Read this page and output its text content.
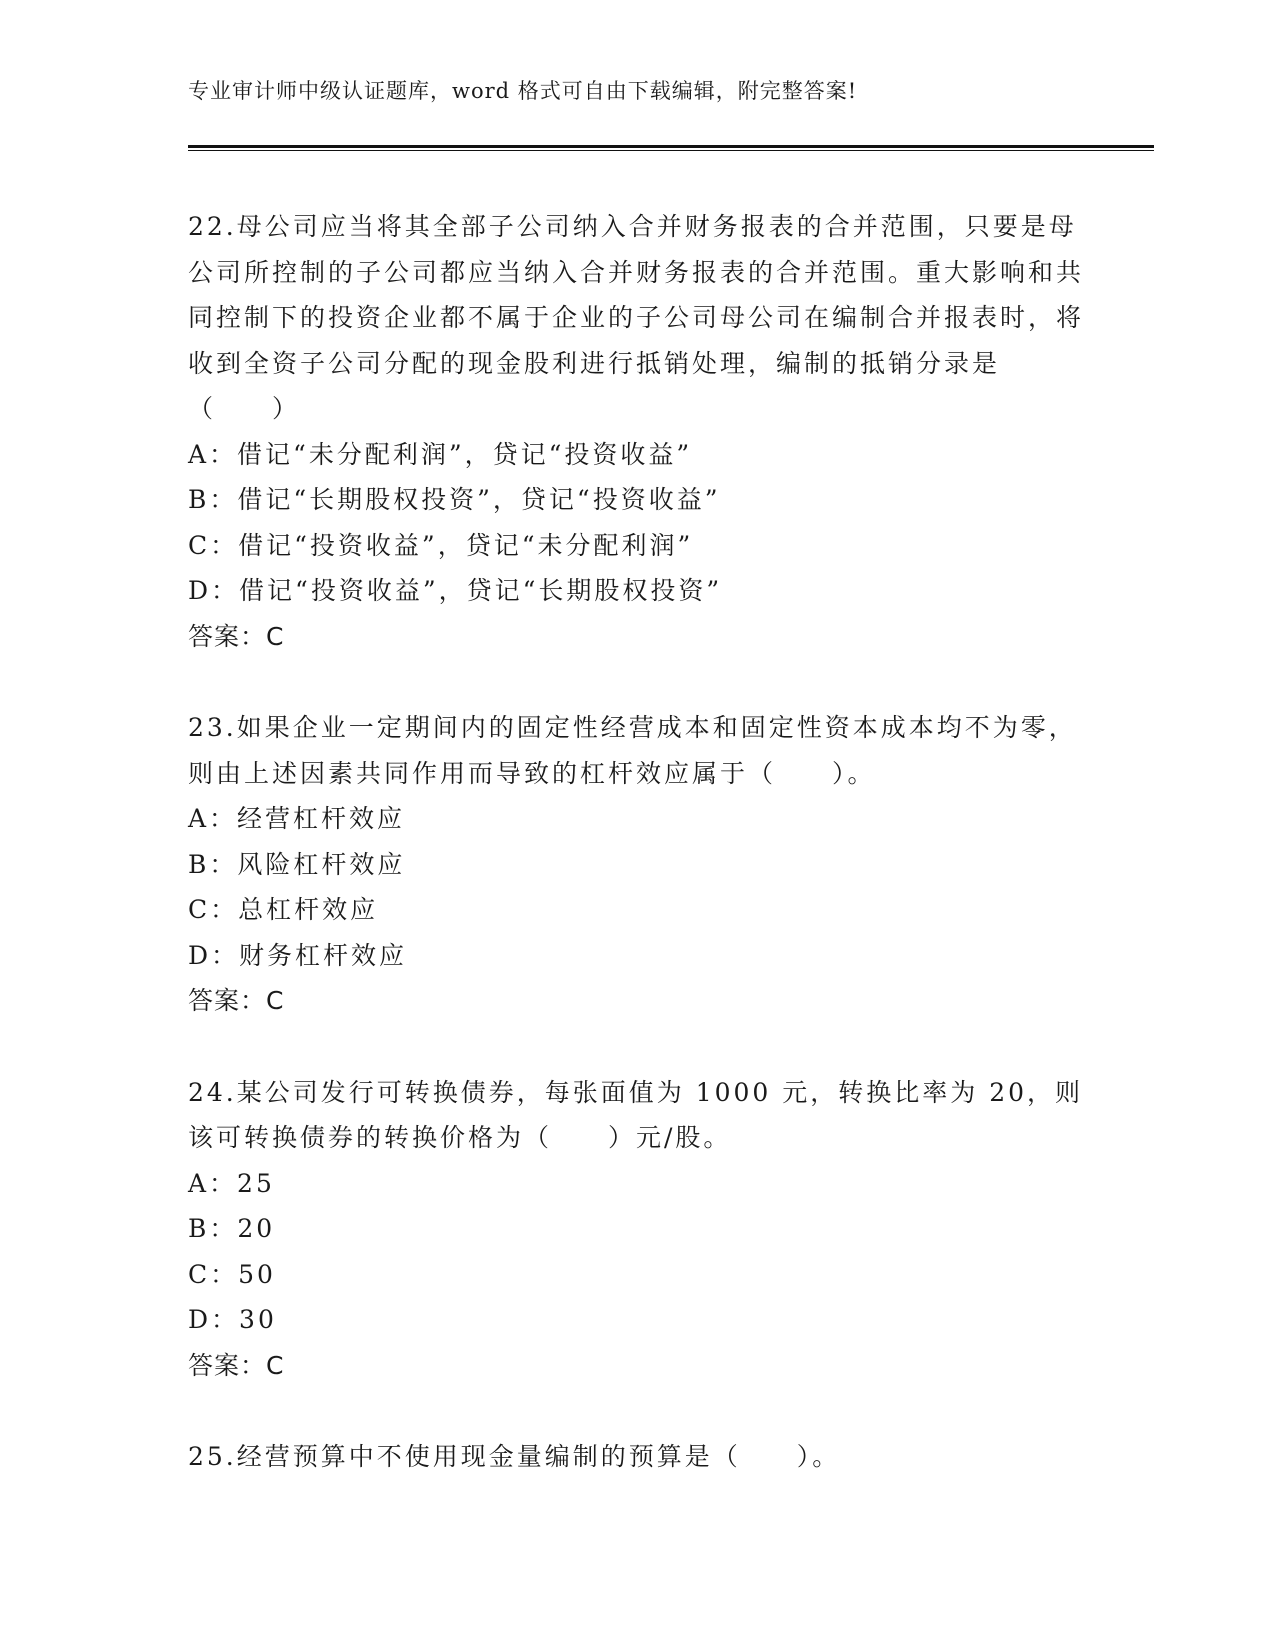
专业审计师中级认证题库，word 格式可自由下载编辑，附完整答案!

22.母公司应当将其全部子公司纳入合并财务报表的合并范围，只要是母公司所控制的子公司都应当纳入合并财务报表的合并范围。重大影响和共同控制下的投资企业都不属于企业的子公司母公司在编制合并报表时，将收到全资子公司分配的现金股利进行抵销处理，编制的抵销分录是（　　）

A：借记“未分配利润”，贷记“投资收益”

B：借记“长期股权投资”，贷记“投资收益”

C：借记“投资收益”，贷记“未分配利润”

D：借记“投资收益”，贷记“长期股权投资”

答案：C

23.如果企业一定期间内的固定性经营成本和固定性资本成本均不为零，则由上述因素共同作用而导致的杠杆效应属于（　　）。

A：经营杠杆效应

B：风险杠杆效应

C：总杠杆效应

D：财务杠杆效应

答案：C

24.某公司发行可转换债券，每张面值为 1000 元，转换比率为 20，则该可转换债券的转换价格为（　　）元/股。

A：25

B：20

C：50

D：30

答案：C

25.经营预算中不使用现金量编制的预算是（　　）。
